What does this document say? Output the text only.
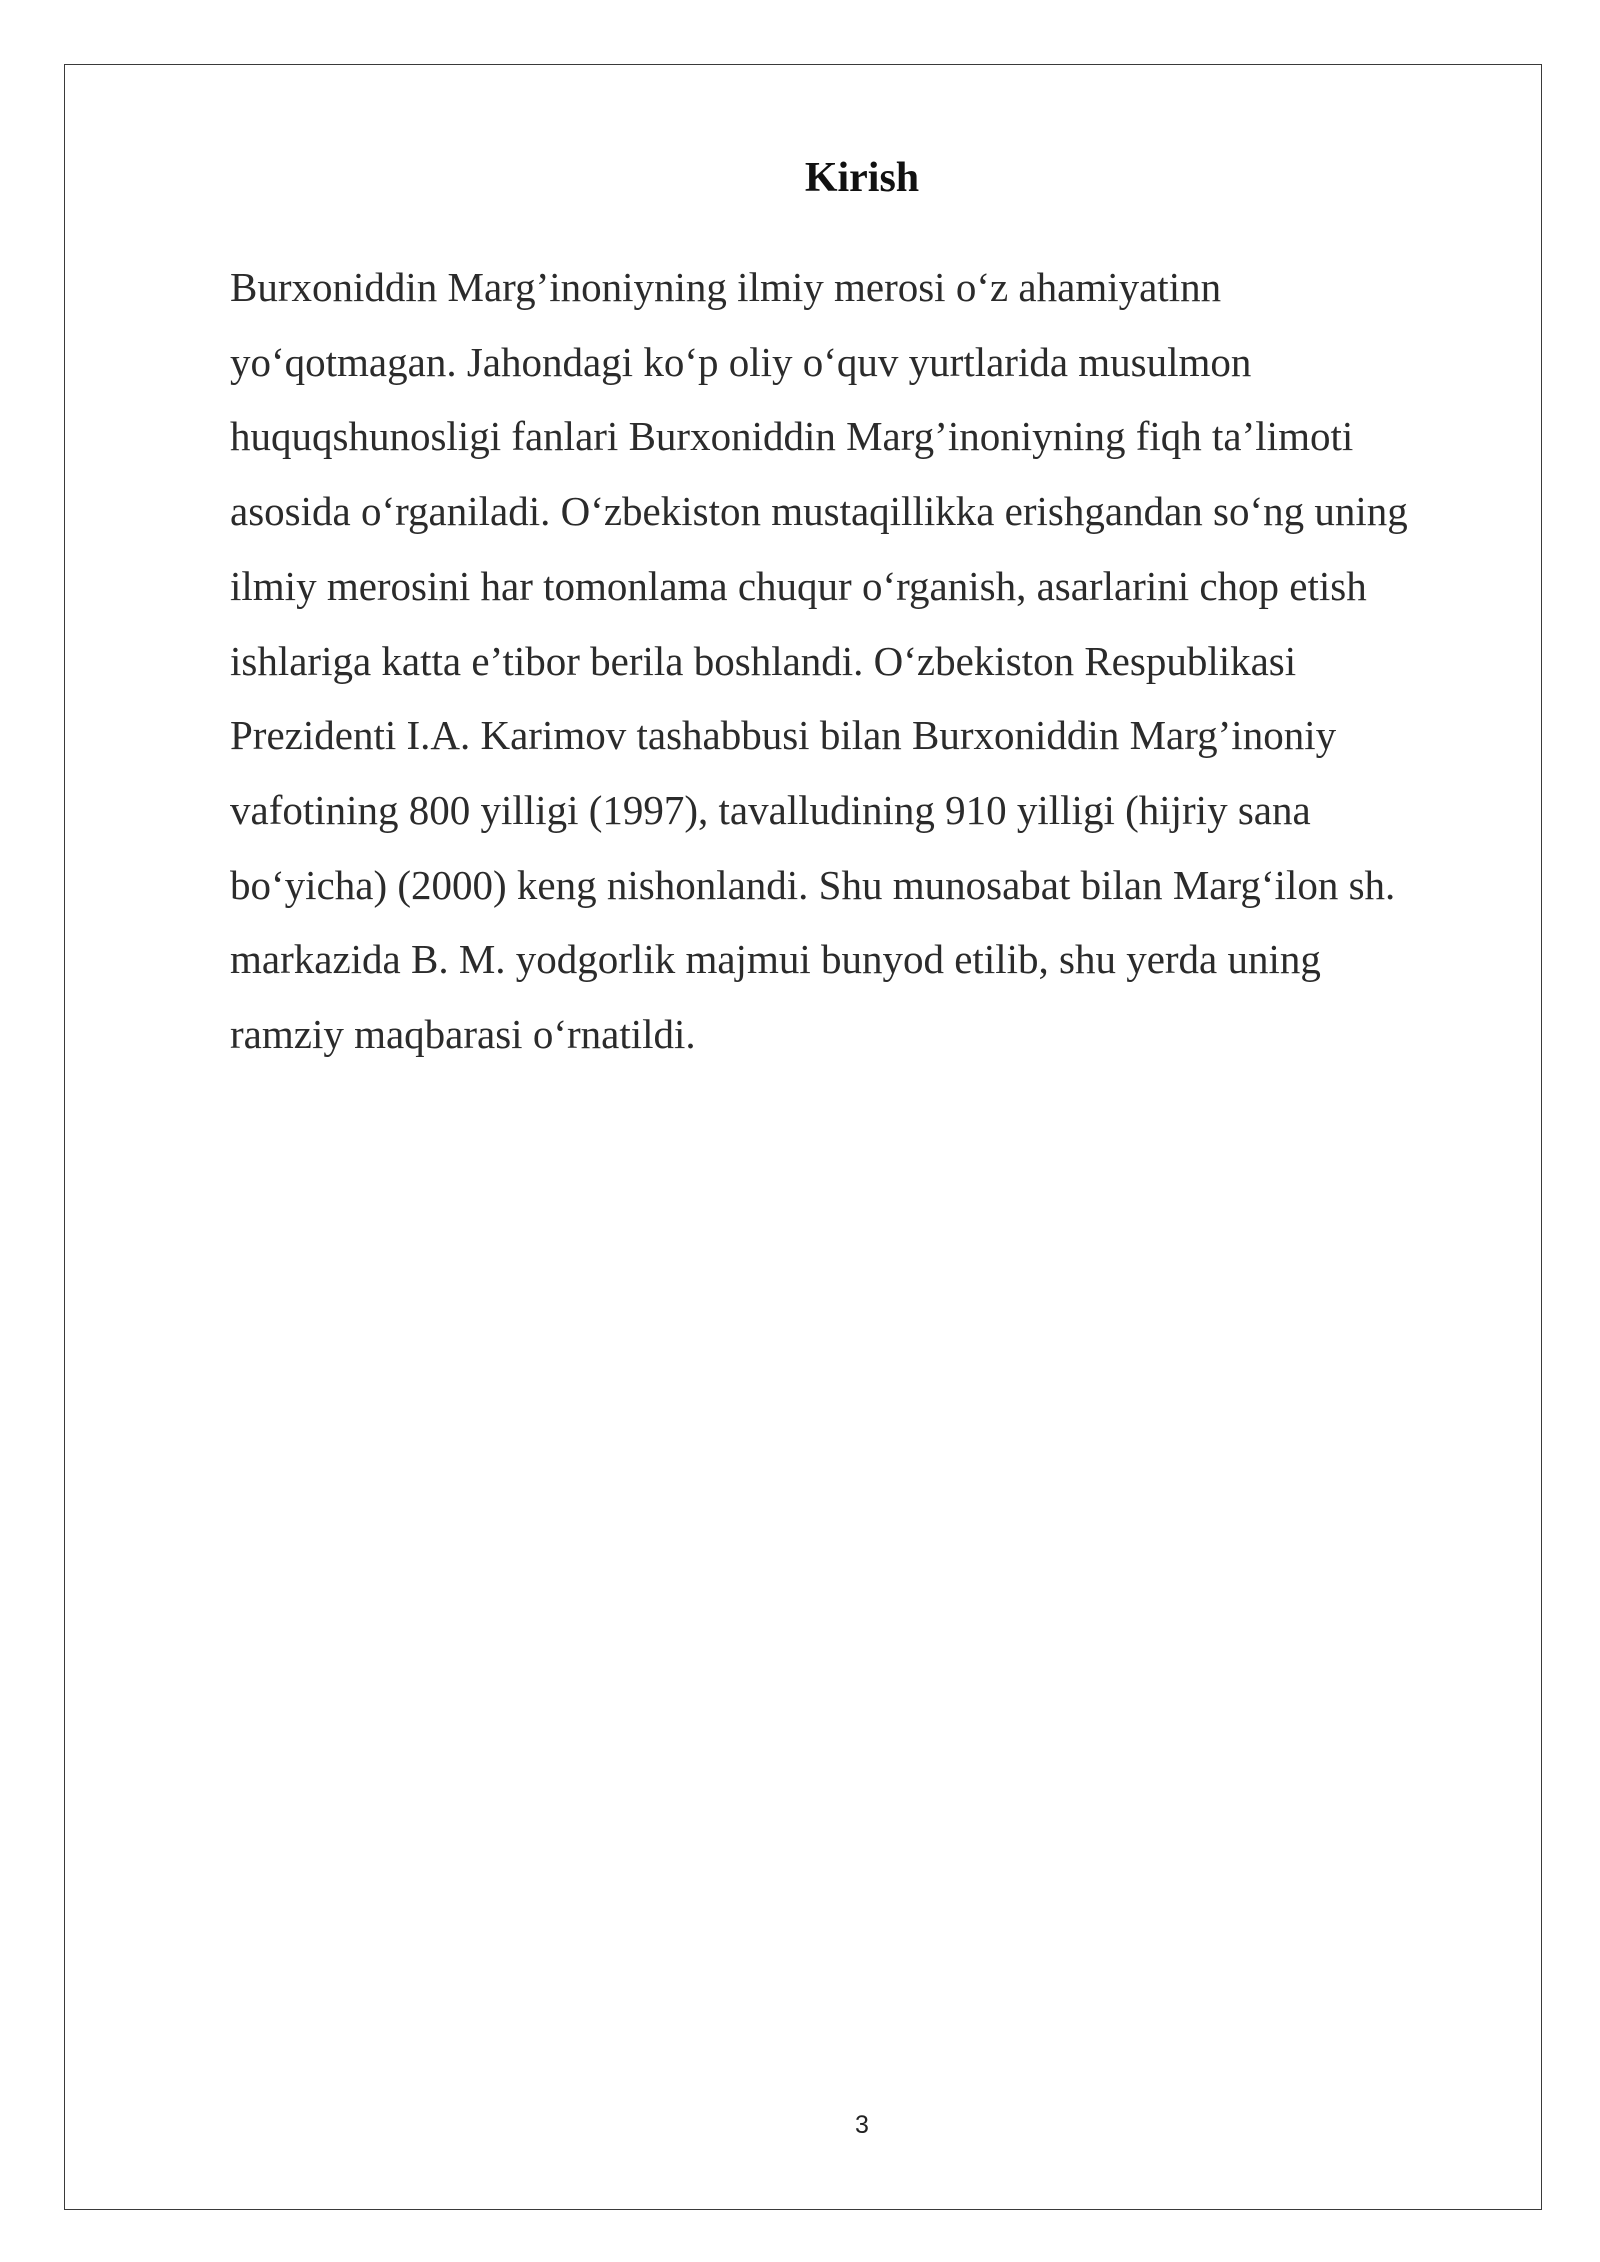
Kirish
Burxoniddin Marg’inoniyning ilmiy merosi o‘z ahamiyatinn
yo‘qotmagan. Jahondagi ko‘p oliy o‘quv yurtlarida musulmon
huquqshunosligi fanlari Burxoniddin Marg’inoniyning fiqh ta’limoti
asosida o‘rganiladi. O‘zbekiston mustaqillikka erishgandan so‘ng uning
ilmiy merosini har tomonlama chuqur o‘rganish, asarlarini chop etish
ishlariga katta e’tibor berila boshlandi. O‘zbekiston Respublikasi
Prezidenti I.A. Karimov tashabbusi bilan Burxoniddin Marg’inoniy
vafotining 800 yilligi (1997), tavalludining 910 yilligi (hijriy sana
bo‘yicha) (2000) keng nishonlandi. Shu munosabat bilan Marg‘ilon sh.
markazida B. M. yodgorlik majmui bunyod etilib, shu yerda uning
ramziy maqbarasi o‘rnatildi.
3
